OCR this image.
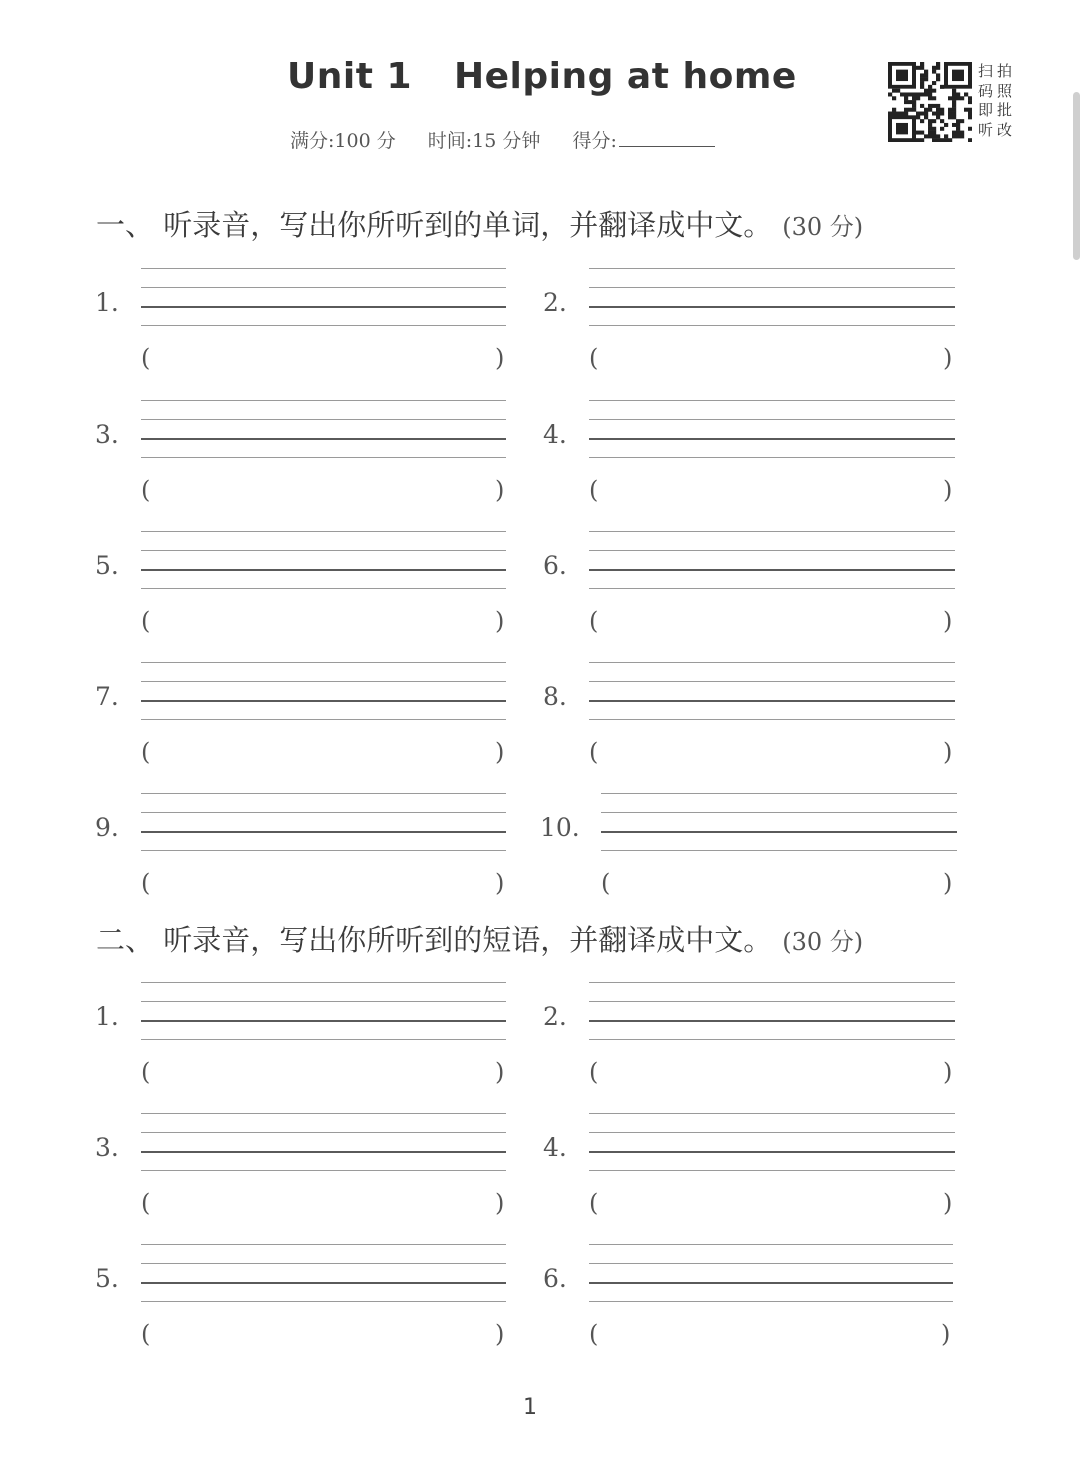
Unit 1 Helping at home
满分:100 分 时间:15 分钟 得分:
扫拍码照即批听改
一、 听录音，写出你所听到的单词，并翻译成中文。 (30 分)
1.
(	)
2.
(	)
3.
(	)
4.
(	)
5.
(	)
6.
(	)
7.
(	)
8.
(	)
9.
(	)
10.
(	)
二、 听录音，写出你所听到的短语，并翻译成中文。 (30 分)
1.
(	)
2.
(	)
3.
(	)
4.
(	)
5.
(	)
6.
(	)
1
